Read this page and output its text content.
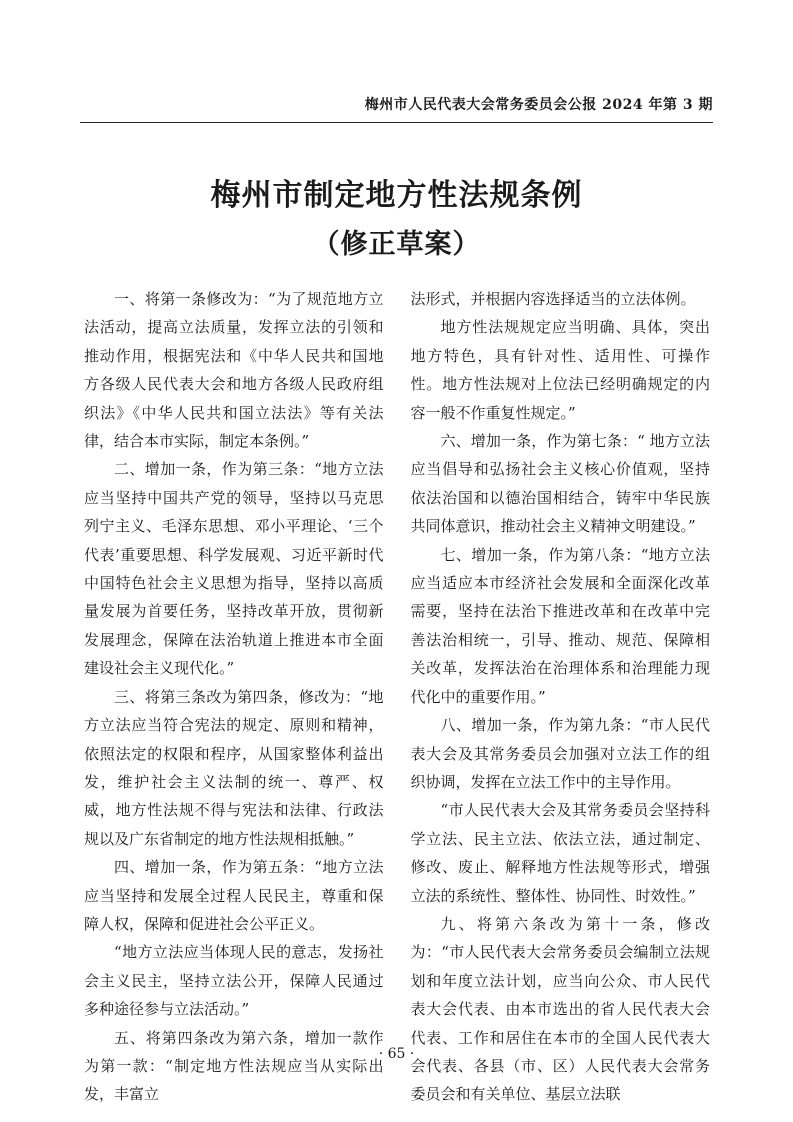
梅州市人民代表大会常务委员会公报 2024 年第 3 期
梅州市制定地方性法规条例
（修正草案）

一、将第一条修改为：“为了规范地方立法活动，提高立法质量，发挥立法的引领和推动作用，根据宪法和《中华人民共和国地方各级人民代表大会和地方各级人民政府组织法》《中华人民共和国立法法》等有关法律，结合本市实际，制定本条例。”

二、增加一条，作为第三条：“地方立法应当坚持中国共产党的领导，坚持以马克思列宁主义、毛泽东思想、邓小平理论、‘三个代表’重要思想、科学发展观、习近平新时代中国特色社会主义思想为指导，坚持以高质量发展为首要任务，坚持改革开放，贯彻新发展理念，保障在法治轨道上推进本市全面建设社会主义现代化。”

三、将第三条改为第四条，修改为：“地方立法应当符合宪法的规定、原则和精神，依照法定的权限和程序，从国家整体利益出发，维护社会主义法制的统一、尊严、权威，地方性法规不得与宪法和法律、行政法规以及广东省制定的地方性法规相抵触。”

四、增加一条，作为第五条：“地方立法应当坚持和发展全过程人民民主，尊重和保障人权，保障和促进社会公平正义。

“地方立法应当体现人民的意志，发扬社会主义民主，坚持立法公开，保障人民通过多种途径参与立法活动。”

五、将第四条改为第六条，增加一款作为第一款：“制定地方性法规应当从实际出发，丰富立

法形式，并根据内容选择适当的立法体例。

地方性法规规定应当明确、具体，突出地方特色，具有针对性、适用性、可操作性。地方性法规对上位法已经明确规定的内容一般不作重复性规定。”

六、增加一条，作为第七条：“ 地方立法应当倡导和弘扬社会主义核心价值观，坚持依法治国和以德治国相结合，铸牢中华民族共同体意识，推动社会主义精神文明建设。”

七、增加一条，作为第八条：“地方立法应当适应本市经济社会发展和全面深化改革需要，坚持在法治下推进改革和在改革中完善法治相统一，引导、推动、规范、保障相关改革，发挥法治在治理体系和治理能力现代化中的重要作用。”

八、增加一条，作为第九条：“市人民代表大会及其常务委员会加强对立法工作的组织协调，发挥在立法工作中的主导作用。

“市人民代表大会及其常务委员会坚持科学立法、民主立法、依法立法，通过制定、修改、废止、解释地方性法规等形式，增强立法的系统性、整体性、协同性、时效性。”

九、将第六条改为第十一条，修改为：“市人民代表大会常务委员会编制立法规划和年度立法计划，应当向公众、市人民代表大会代表、由本市选出的省人民代表大会代表、工作和居住在本市的全国人民代表大会代表、各县（市、区）人民代表大会常务委员会和有关单位、基层立法联

· 65 ·
